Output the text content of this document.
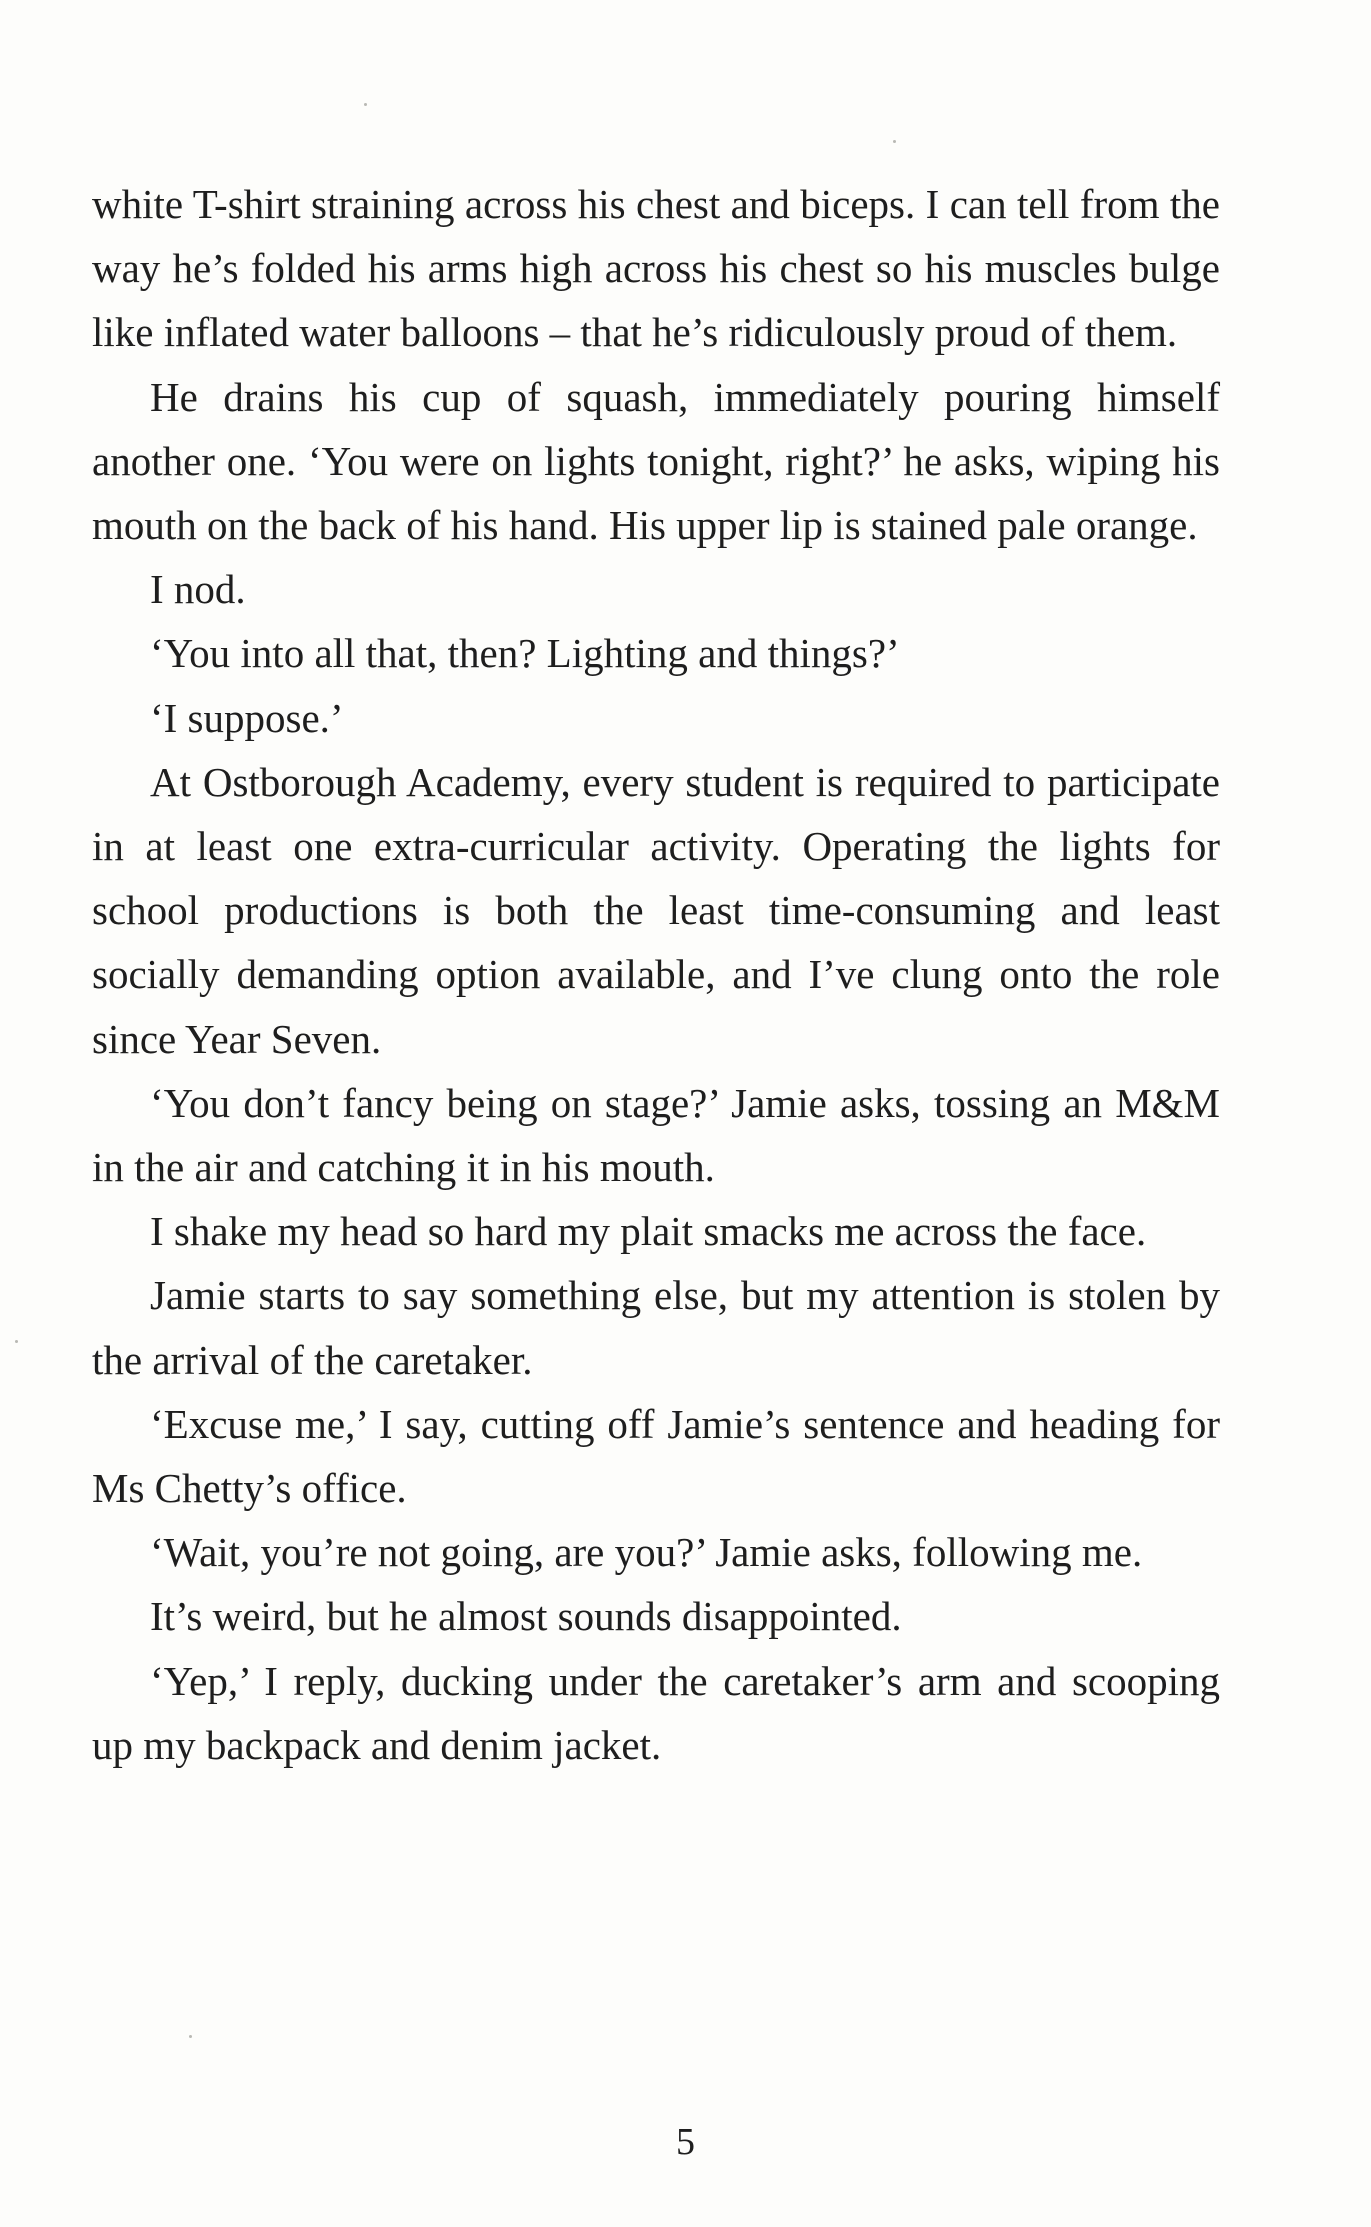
white T-shirt straining across his chest and biceps. I can tell from the way he’s folded his arms high across his chest so his muscles bulge like inflated water balloons – that he’s ridiculously proud of them.

He drains his cup of squash, immediately pouring himself another one. ‘You were on lights tonight, right?’ he asks, wiping his mouth on the back of his hand. His upper lip is stained pale orange.

I nod.

‘You into all that, then? Lighting and things?’

‘I suppose.’

At Ostborough Academy, every student is required to participate in at least one extra-curricular activity. Operating the lights for school productions is both the least time-consuming and least socially demanding option available, and I’ve clung onto the role since Year Seven.

‘You don’t fancy being on stage?’ Jamie asks, tossing an M&M in the air and catching it in his mouth.

I shake my head so hard my plait smacks me across the face.

Jamie starts to say something else, but my attention is stolen by the arrival of the caretaker.

‘Excuse me,’ I say, cutting off Jamie’s sentence and heading for Ms Chetty’s office.

‘Wait, you’re not going, are you?’ Jamie asks, following me.

It’s weird, but he almost sounds disappointed.

‘Yep,’ I reply, ducking under the caretaker’s arm and scooping up my backpack and denim jacket.

5
